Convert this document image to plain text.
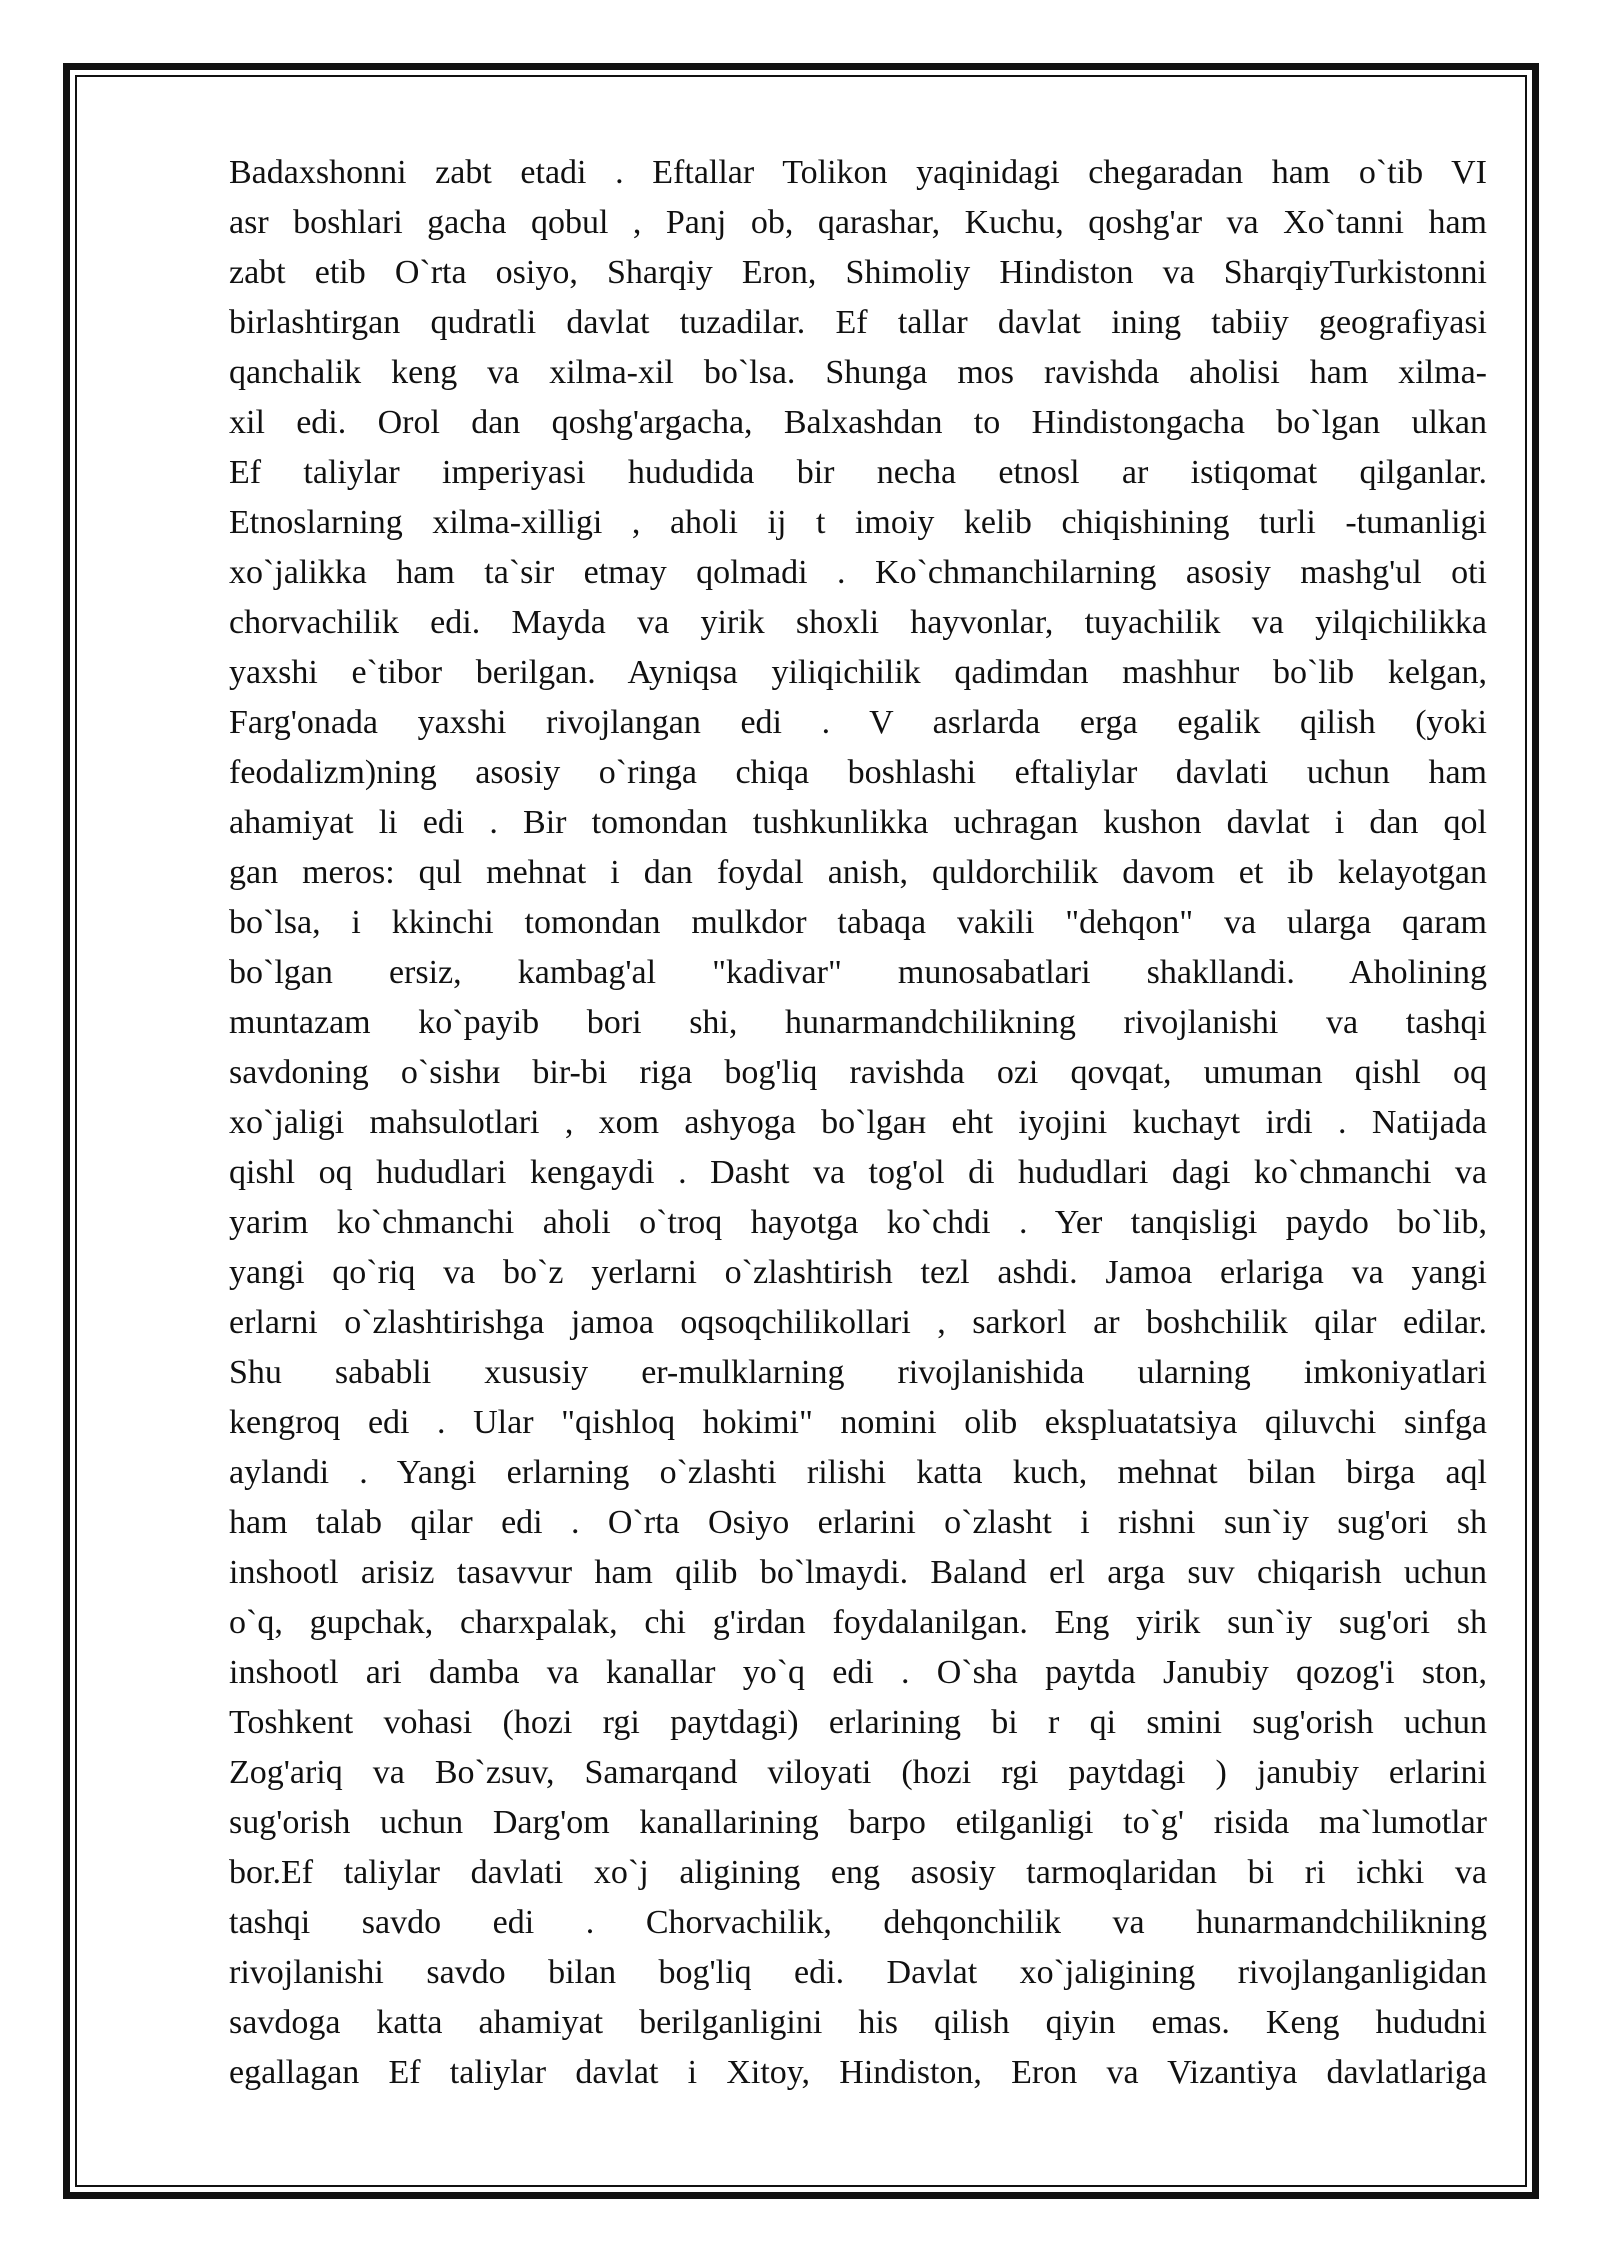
Badaxshonni zabt etadi . Eftallar Tolikon yaqinidagi chegaradan ham o`tib VI
asr boshlari gacha qobul , Panj ob, qarashar, Kuchu, qoshg'ar va Xo`tanni ham
zabt etib O`rta osiyo, Sharqiy Eron, Shimoliy Hindiston va SharqiyTurkistonni
birlashtirgan qudratli davlat tuzadilar. Ef tallar davlat ining tabiiy geografiyasi
qanchalik keng va xilma-xil bo`lsa. Shunga mos ravishda aholisi ham xilma-
xil edi. Orol dan qoshg'argacha, Balxashdan to Hindistongacha bo`lgan ulkan
Ef taliylar imperiyasi hududida bir necha etnosl ar istiqomat qilganlar.
Etnoslarning xilma-xilligi , aholi ij t imoiy kelib chiqishining turli -tumanligi
xo`jalikka ham ta`sir etmay qolmadi . Ko`chmanchilarning asosiy mashg'ul oti
chorvachilik edi. Mayda va yirik shoxli hayvonlar, tuyachilik va yilqichilikka
yaxshi e`tibor berilgan. Ayniqsa yiliqichilik qadimdan mashhur bo`lib kelgan,
Farg'onada yaxshi rivojlangan edi . V asrlarda erga egalik qilish (yoki
feodalizm)ning asosiy o`ringa chiqa boshlashi eftaliylar davlati uchun ham
ahamiyat li edi . Bir tomondan tushkunlikka uchragan kushon davlat i dan qol
gan meros: qul mehnat i dan foydal anish, quldorchilik davom et ib kelayotgan
bo`lsa, i kkinchi tomondan mulkdor tabaqa vakili "dehqon" va ularga qaram
bo`lgan ersiz, kambag'al "kadivar" munosabatlari shakllandi. Aholining
muntazam ko`payib bori shi, hunarmandchilikning rivojlanishi va tashqi
savdoning o`sishи bir-bi riga bog'liq ravishda ozi qovqat, umuman qishl oq
xo`jaligi mahsulotlari , xom ashyoga bo`lgaн eht iyojini kuchayt irdi . Natijada
qishl oq hududlari kengaydi . Dasht va tog'ol di hududlari dagi ko`chmanchi va
yarim ko`chmanchi aholi o`troq hayotga ko`chdi . Yer tanqisligi paydo bo`lib,
yangi qo`riq va bo`z yerlarni o`zlashtirish tezl ashdi. Jamoa erlariga va yangi
erlarni o`zlashtirishga jamoa oqsoqchilikollari , sarkorl ar boshchilik qilar edilar.
Shu sababli xususiy er-mulklarning rivojlanishida ularning imkoniyatlari
kengroq edi . Ular "qishloq hokimi" nomini olib ekspluatatsiya qiluvchi sinfga
aylandi . Yangi erlarning o`zlashti rilishi katta kuch, mehnat bilan birga aql
ham talab qilar edi . O`rta Osiyo erlarini o`zlasht i rishni sun`iy sug'ori sh
inshootl arisiz tasavvur ham qilib bo`lmaydi. Baland erl arga suv chiqarish uchun
o`q, gupchak, charxpalak, chi g'irdan foydalanilgan. Eng yirik sun`iy sug'ori sh
inshootl ari damba va kanallar yo`q edi . O`sha paytda Janubiy qozog'i ston,
Toshkent vohasi (hozi rgi paytdagi) erlarining bi r qi smini sug'orish uchun
Zog'ariq va Bo`zsuv, Samarqand viloyati (hozi rgi paytdagi ) janubiy erlarini
sug'orish uchun Darg'om kanallarining barpo etilganligi to`g' risida ma`lumotlar
bor.Ef taliylar davlati xo`j aligining eng asosiy tarmoqlaridan bi ri ichki va
tashqi savdo edi . Chorvachilik, dehqonchilik va hunarmandchilikning
rivojlanishi savdo bilan bog'liq edi. Davlat xo`jaligining rivojlanganligidan
savdoga katta ahamiyat berilganligini his qilish qiyin emas. Keng hududni
egallagan Ef taliylar davlat i Xitoy, Hindiston, Eron va Vizantiya davlatlariga
